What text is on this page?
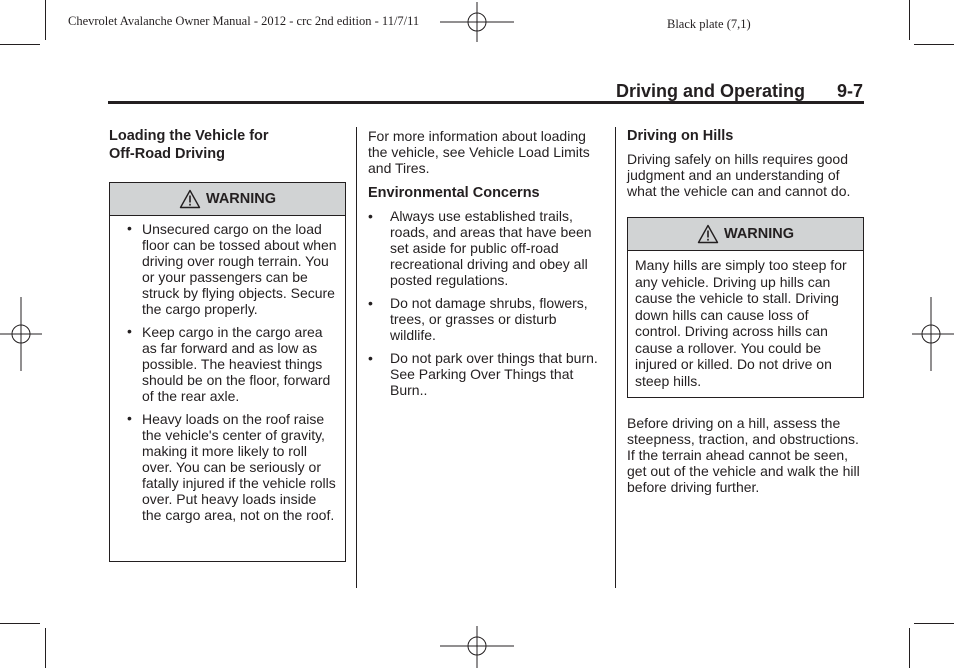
Chevrolet Avalanche Owner Manual - 2012 - crc 2nd edition - 11/7/11	Black plate (7,1)
Driving and Operating 9-7
Loading the Vehicle for
Off-Road Driving
WARNING
• Unsecured cargo on the load floor can be tossed about when driving over rough terrain. You or your passengers can be struck by flying objects. Secure the cargo properly.
• Keep cargo in the cargo area as far forward and as low as possible. The heaviest things should be on the floor, forward of the rear axle.
• Heavy loads on the roof raise the vehicle's center of gravity, making it more likely to roll over. You can be seriously or fatally injured if the vehicle rolls over. Put heavy loads inside the cargo area, not on the roof.

For more information about loading the vehicle, see Vehicle Load Limits and Tires.

Environmental Concerns
• Always use established trails, roads, and areas that have been set aside for public off-road recreational driving and obey all posted regulations.
• Do not damage shrubs, flowers, trees, or grasses or disturb wildlife.
• Do not park over things that burn. See Parking Over Things that Burn..
Driving on Hills

Driving safely on hills requires good judgment and an understanding of what the vehicle can and cannot do.

WARNING

Many hills are simply too steep for any vehicle. Driving up hills can cause the vehicle to stall. Driving down hills can cause loss of control. Driving across hills can cause a rollover. You could be injured or killed. Do not drive on steep hills.

Before driving on a hill, assess the steepness, traction, and obstructions. If the terrain ahead cannot be seen, get out of the vehicle and walk the hill before driving further.
